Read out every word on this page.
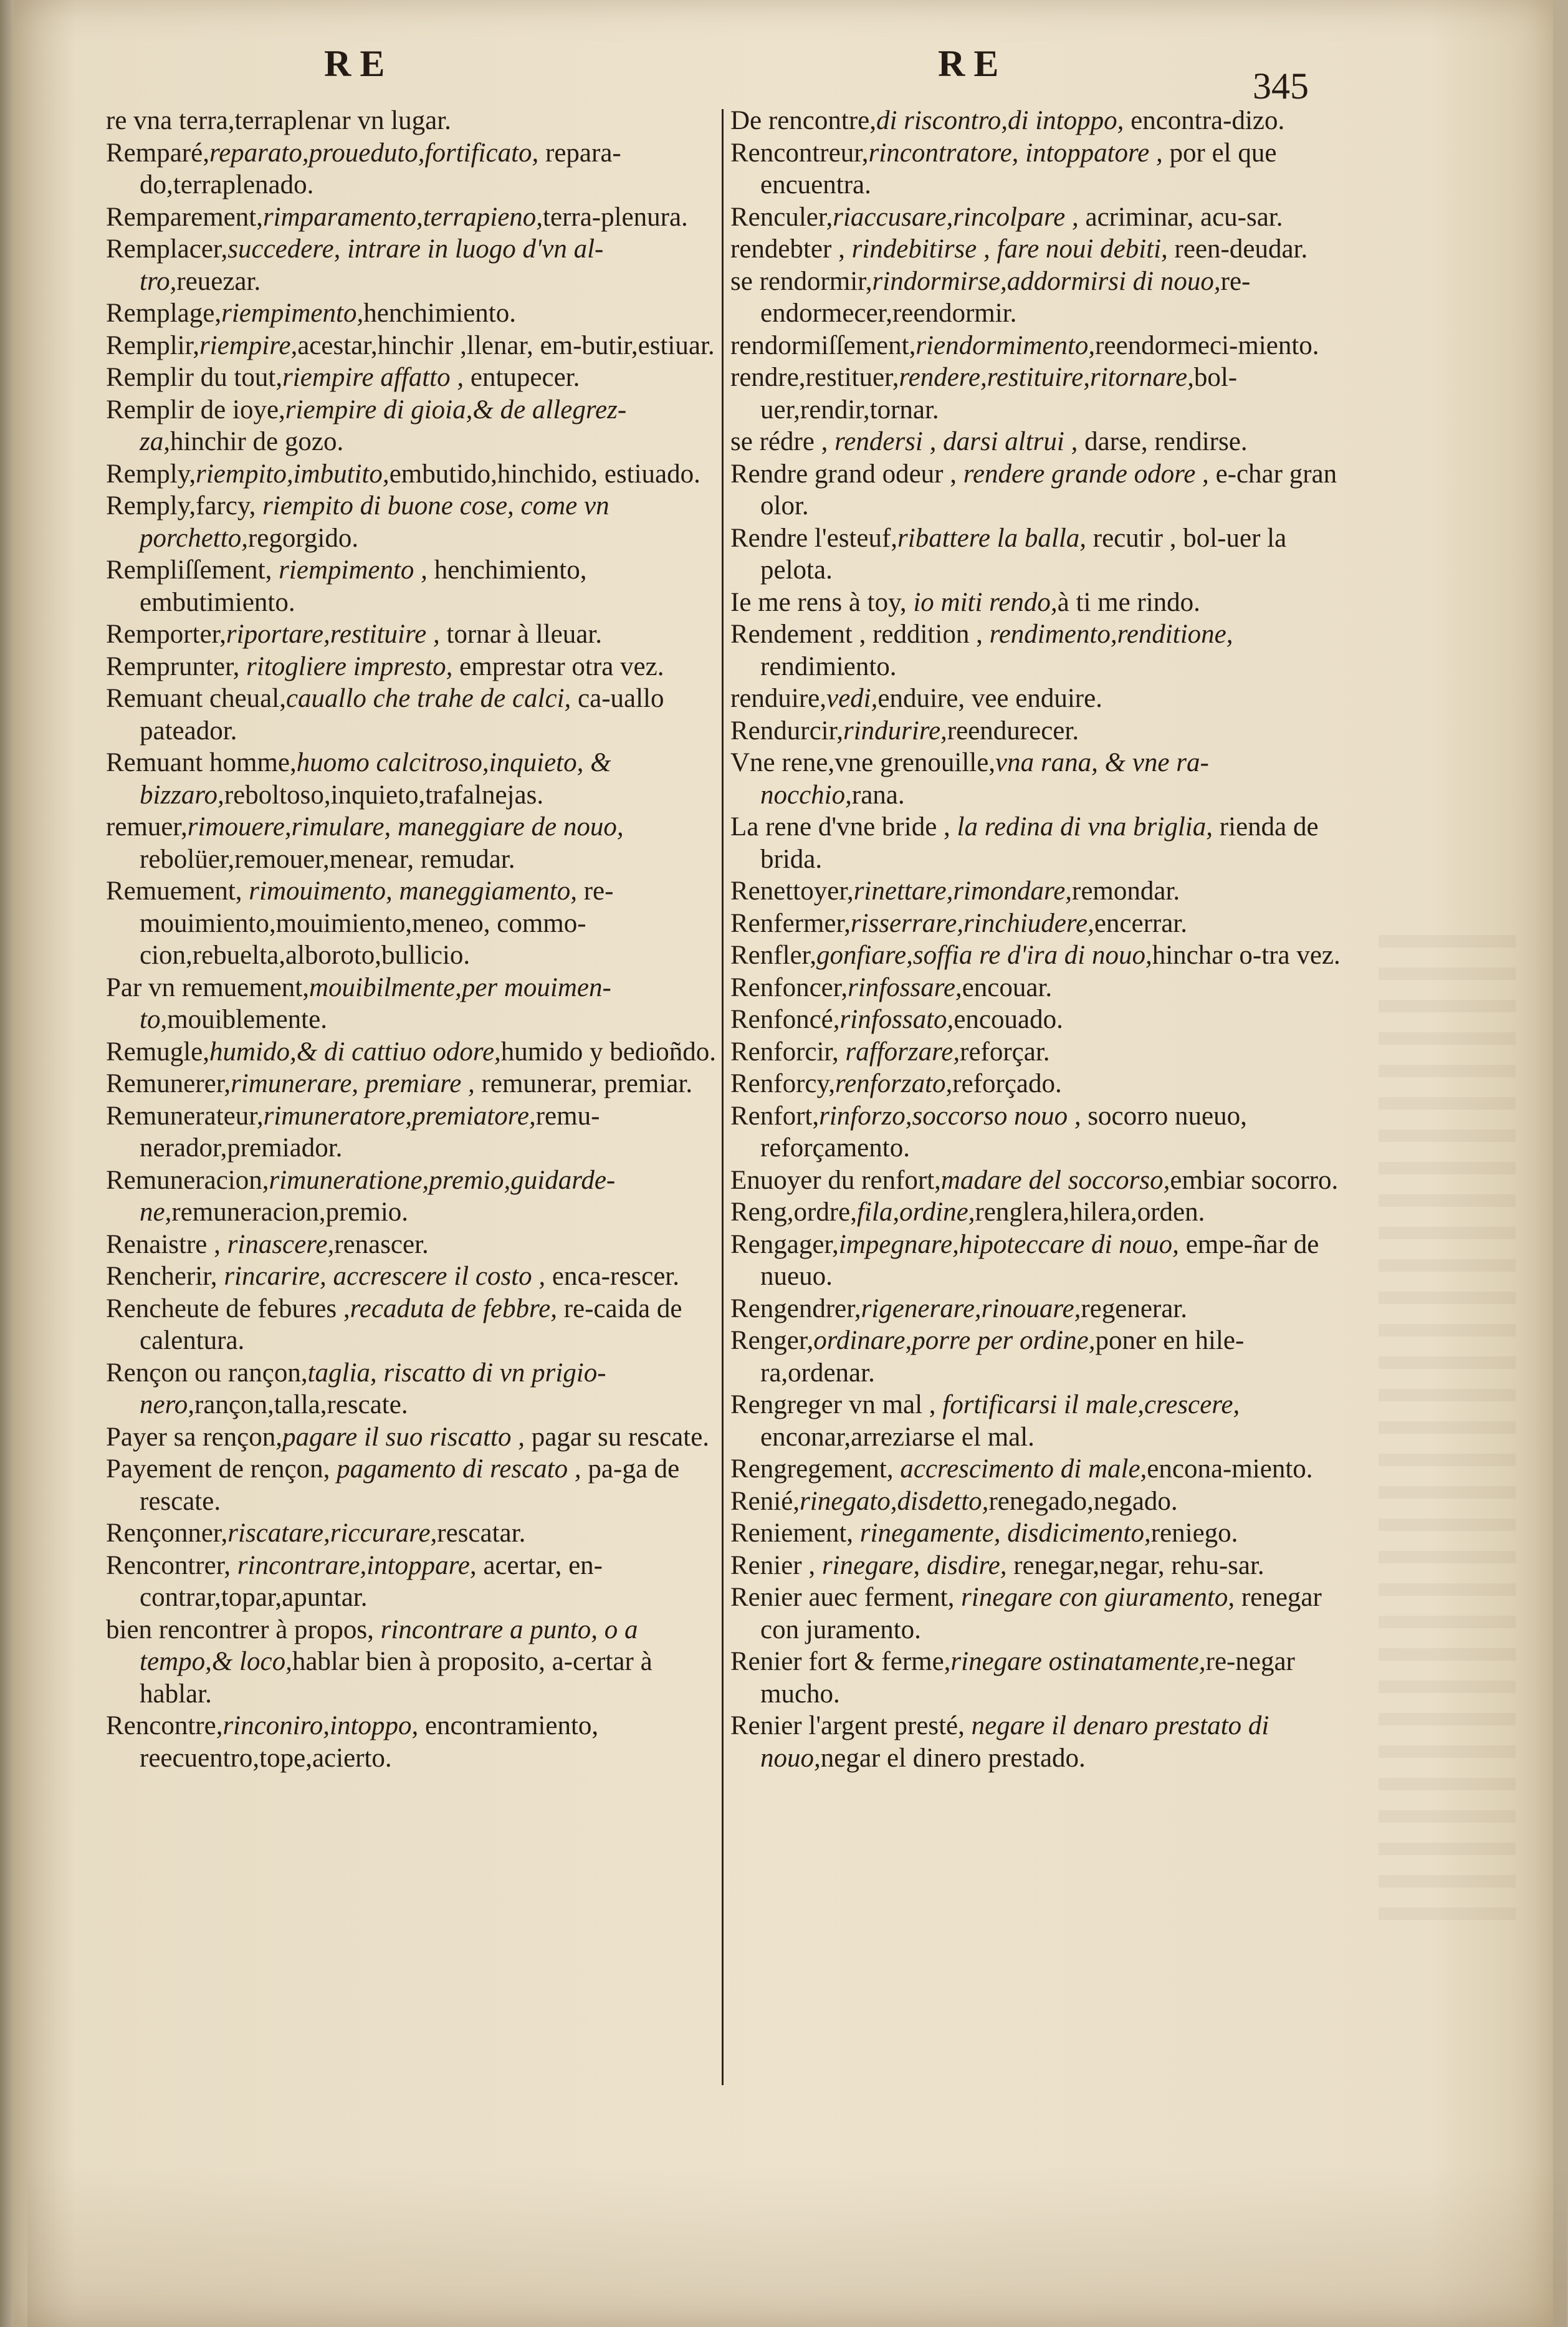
RE	RE
345

re vna terra,terraplenar vn lugar.

Remparé,reparato,proueduto,fortificato, repara-do,terraplenado.

Remparement,rimparamento,terrapieno,terra-plenura.

Remplacer,succedere, intrare in luogo d'vn al-tro,reuezar.

Remplage,riempimento,henchimiento.

Remplir,riempire,acestar,hinchir ,llenar, em-butir,estiuar.

Remplir du tout,riempire affatto , entupecer.

Remplir de ioye,riempire di gioia,& de allegrez-za,hinchir de gozo.

Remply,riempito,imbutito,embutido,hinchido, estiuado.

Remply,farcy, riempito di buone cose, come vn porchetto,regorgido.

Rempliſſement, riempimento , henchimiento, embutimiento.

Remporter,riportare,restituire , tornar à lleuar.

Remprunter, ritogliere impresto, emprestar otra vez.

Remuant cheual,cauallo che trahe de calci, ca-uallo pateador.

Remuant homme,huomo calcitroso,inquieto, & bizzaro,reboltoso,inquieto,trafalnejas.

remuer,rimouere,rimulare, maneggiare de nouo, rebolüer,remouer,menear, remudar.

Remuement, rimouimento, maneggiamento, re-mouimiento,mouimiento,meneo, commo-cion,rebuelta,alboroto,bullicio.

Par vn remuement,mouibilmente,per mouimen-to,mouiblemente.

Remugle,humido,& di cattiuo odore,humido y bedioñdo.

Remunerer,rimunerare, premiare , remunerar, premiar.

Remunerateur,rimuneratore,premiatore,remu-nerador,premiador.

Remuneracion,rimuneratione,premio,guidarde-ne,remuneracion,premio.

Renaistre , rinascere,renascer.

Rencherir, rincarire, accrescere il costo , enca-rescer.

Rencheute de febures ,recaduta de febbre, re-caida de calentura.

Rençon ou rançon,taglia, riscatto di vn prigio-nero,rançon,talla,rescate.

Payer sa rençon,pagare il suo riscatto , pagar su rescate.

Payement de rençon, pagamento di rescato , pa-ga de rescate.

Rençonner,riscatare,riccurare,rescatar.

Rencontrer, rincontrare,intoppare, acertar, en-contrar,topar,apuntar.

bien rencontrer à propos, rincontrare a punto, o a tempo,& loco,hablar bien à proposito, a-certar à hablar.

Rencontre,rinconiro,intoppo, encontramiento, reecuentro,tope,acierto.

De rencontre,di riscontro,di intoppo, encontra-dizo.

Rencontreur,rincontratore, intoppatore , por el que encuentra.

Renculer,riaccusare,rincolpare , acriminar, acu-sar.

rendebter , rindebitirse , fare noui debiti, reen-deudar.

se rendormir,rindormirse,addormirsi di nouo,re-endormecer,reendormir.

rendormiſſement,riendormimento,reendormeci-miento.

rendre,restituer,rendere,restituire,ritornare,bol-uer,rendir,tornar.

se rédre , rendersi , darsi altrui , darse, rendirse.

Rendre grand odeur , rendere grande odore , e-char gran olor.

Rendre l'esteuf,ribattere la balla, recutir , bol-uer la pelota.

Ie me rens à toy, io miti rendo,à ti me rindo.

Rendement , reddition , rendimento,renditione, rendimiento.

renduire,vedi,enduire, vee enduire.

Rendurcir,rindurire,reendurecer.

Vne rene,vne grenouille,vna rana, & vne ra-nocchio,rana.

La rene d'vne bride , la redina di vna briglia, rienda de brida.

Renettoyer,rinettare,rimondare,remondar.

Renfermer,risserrare,rinchiudere,encerrar.

Renfler,gonfiare,soffia re d'ira di nouo,hinchar o-tra vez.

Renfoncer,rinfossare,encouar.

Renfoncé,rinfossato,encouado.

Renforcir, rafforzare,reforçar.

Renforcy,renforzato,reforçado.

Renfort,rinforzo,soccorso nouo , socorro nueuo, reforçamento.

Enuoyer du renfort,madare del soccorso,embiar socorro.

Reng,ordre,fila,ordine,renglera,hilera,orden.

Rengager,impegnare,hipoteccare di nouo, empe-ñar de nueuo.

Rengendrer,rigenerare,rinouare,regenerar.

Renger,ordinare,porre per ordine,poner en hile-ra,ordenar.

Rengreger vn mal , fortificarsi il male,crescere, enconar,arreziarse el mal.

Rengregement, accrescimento di male,encona-miento.

Renié,rinegato,disdetto,renegado,negado.

Reniement, rinegamente, disdicimento,reniego.

Renier , rinegare, disdire, renegar,negar, rehu-sar.

Renier auec ferment, rinegare con giuramento, renegar con juramento.

Renier fort & ferme,rinegare ostinatamente,re-negar mucho.

Renier l'argent presté, negare il denaro prestato di nouo,negar el dinero prestado.
